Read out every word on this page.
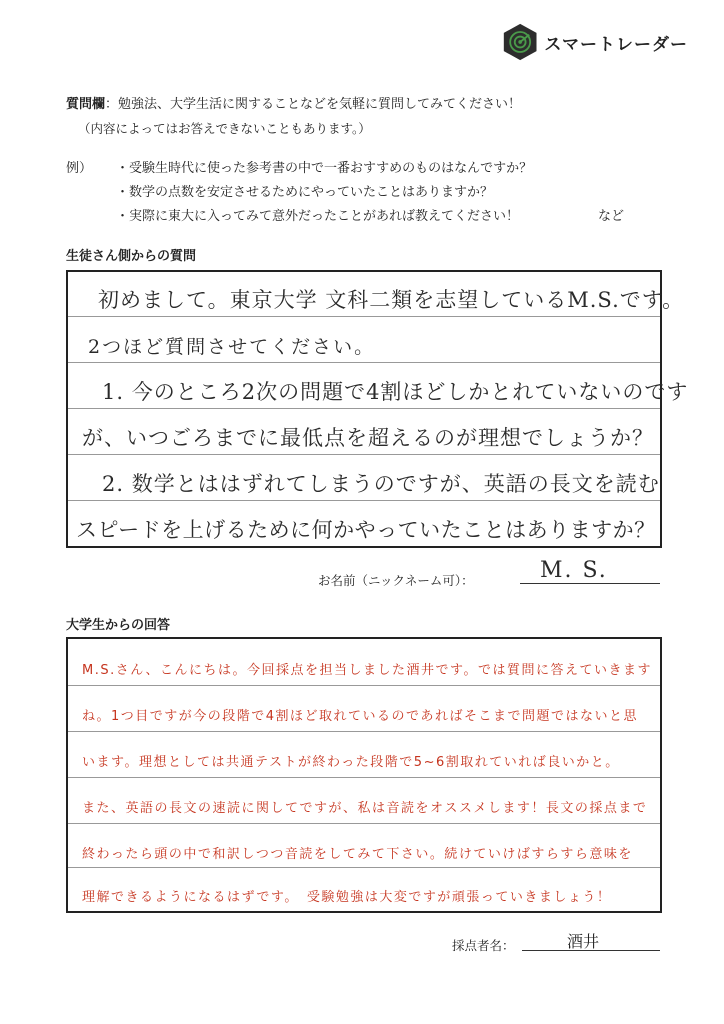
スマートレーダー
質問欄：勉強法、大学生活に関することなどを気軽に質問してみてください！
（内容によってはお答えできないこともあります。）
例） ・受験生時代に使った参考書の中で一番おすすめのものはなんですか？
・数学の点数を安定させるためにやっていたことはありますか？
・実際に東大に入ってみて意外だったことがあれば教えてください！	など
生徒さん側からの質問
初めまして。東京大学 文科二類を志望しているM.S.です。
2つほど質問させてください。
1. 今のところ2次の問題で4割ほどしかとれていないのです
が、いつごろまでに最低点を超えるのが理想でしょうか？
2. 数学とははずれてしまうのですが、英語の長文を読む
スピードを上げるために何かやっていたことはありますか？
お名前（ニックネーム可）：	M. S.
大学生からの回答
M.S.さん、こんにちは。今回採点を担当しました酒井です。では質問に答えていきます
ね。1つ目ですが今の段階で4割ほど取れているのであればそこまで問題ではないと思
います。理想としては共通テストが終わった段階で5~6割取れていれば良いかと。
また、英語の長文の速読に関してですが、私は音読をオススメします！長文の採点まで
終わったら頭の中で和訳しつつ音読をしてみて下さい。続けていけばすらすら意味を
理解できるようになるはずです。　受験勉強は大変ですが頑張っていきましょう！
採点者名：	酒井
